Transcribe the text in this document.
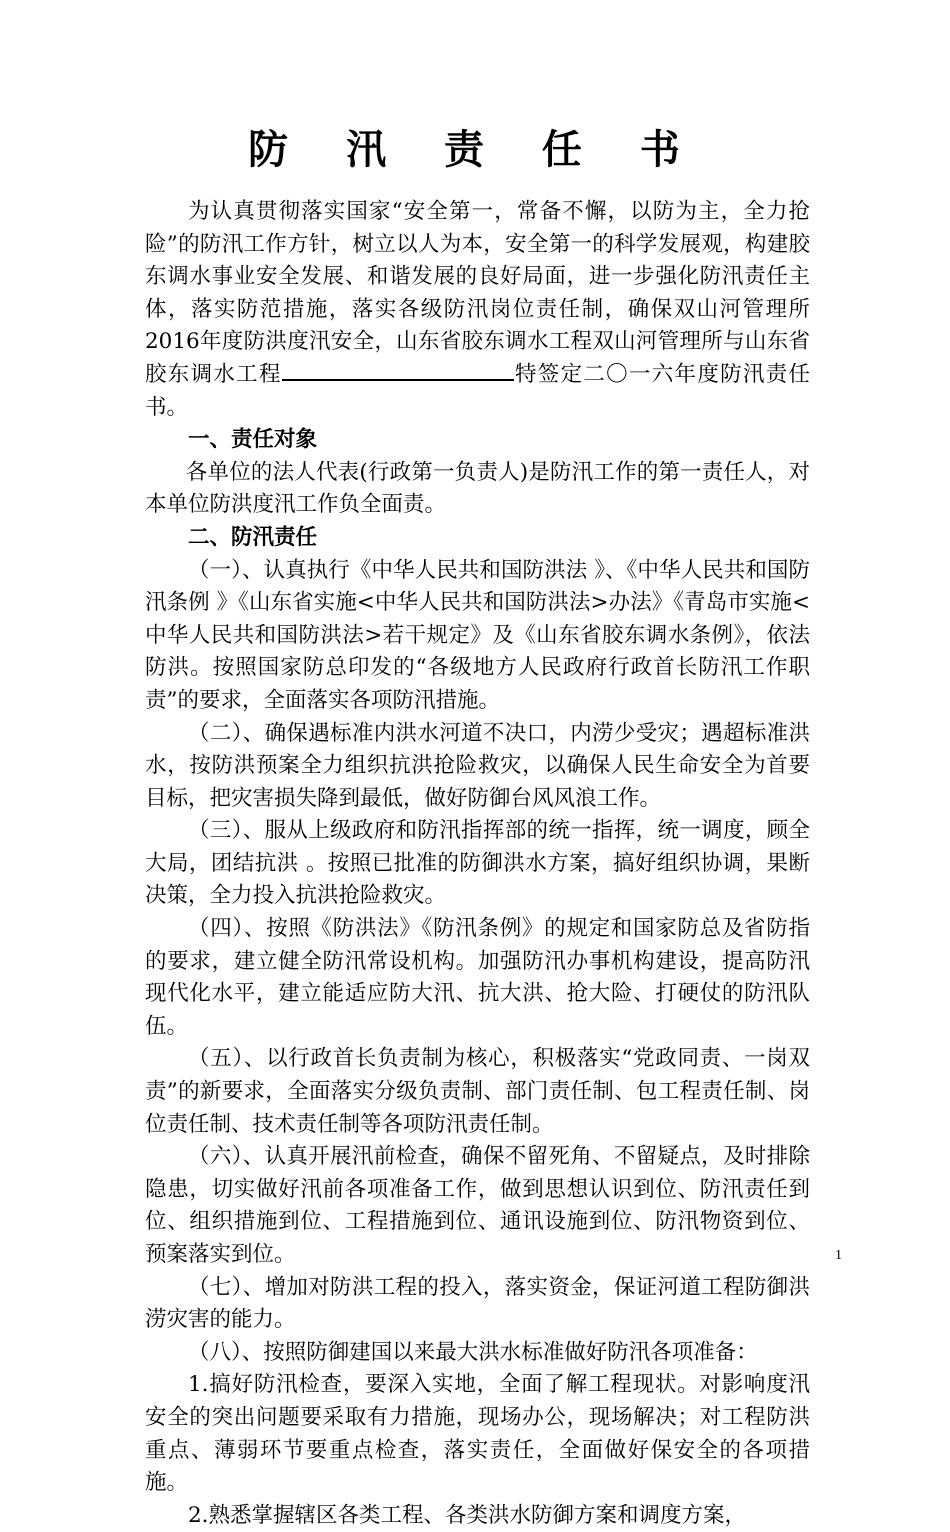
防 汛 责 任 书

为认真贯彻落实国家“安全第一，常备不懈，以防为主，全力抢险”的防汛工作方针，树立以人为本，安全第一的科学发展观，构建胶东调水事业安全发展、和谐发展的良好局面，进一步强化防汛责任主体，落实防范措施，落实各级防汛岗位责任制，确保双山河管理所2016年度防洪度汛安全，山东省胶东调水工程双山河管理所与山东省胶东调水工程	特签定二〇一六年度防汛责任书。

一、责任对象

各单位的法人代表(行政第一负责人)是防汛工作的第一责任人，对本单位防洪度汛工作负全面责。

二、防汛责任

（一）、认真执行《中华人民共和国防洪法 》、《中华人民共和国防汛条例 》《山东省实施<中华人民共和国防洪法>办法》《青岛市实施<中华人民共和国防洪法>若干规定》及《山东省胶东调水条例》，依法防洪。按照国家防总印发的“各级地方人民政府行政首长防汛工作职责”的要求，全面落实各项防汛措施。

（二）、确保遇标准内洪水河道不决口，内涝少受灾；遇超标准洪水，按防洪预案全力组织抗洪抢险救灾，以确保人民生命安全为首要目标，把灾害损失降到最低，做好防御台风风浪工作。

（三）、服从上级政府和防汛指挥部的统一指挥，统一调度，顾全大局，团结抗洪 。按照已批准的防御洪水方案，搞好组织协调，果断决策，全力投入抗洪抢险救灾。

（四）、按照《防洪法》《防汛条例》的规定和国家防总及省防指的要求，建立健全防汛常设机构。加强防汛办事机构建设，提高防汛现代化水平，建立能适应防大汛、抗大洪、抢大险、打硬仗的防汛队伍。

（五）、以行政首长负责制为核心，积极落实“党政同责、一岗双责”的新要求，全面落实分级负责制、部门责任制、包工程责任制、岗位责任制、技术责任制等各项防汛责任制。

（六）、认真开展汛前检查，确保不留死角、不留疑点，及时排除隐患，切实做好汛前各项准备工作，做到思想认识到位、防汛责任到位、组织措施到位、工程措施到位、通讯设施到位、防汛物资到位、预案落实到位。

（七）、增加对防洪工程的投入，落实资金，保证河道工程防御洪涝灾害的能力。

（八）、按照防御建国以来最大洪水标准做好防汛各项准备：

1.搞好防汛检查，要深入实地，全面了解工程现状。对影响度汛安全的突出问题要采取有力措施，现场办公，现场解决；对工程防洪重点、薄弱环节要重点检查，落实责任，全面做好保安全的各项措施。

2.熟悉掌握辖区各类工程、各类洪水防御方案和调度方案，

1
